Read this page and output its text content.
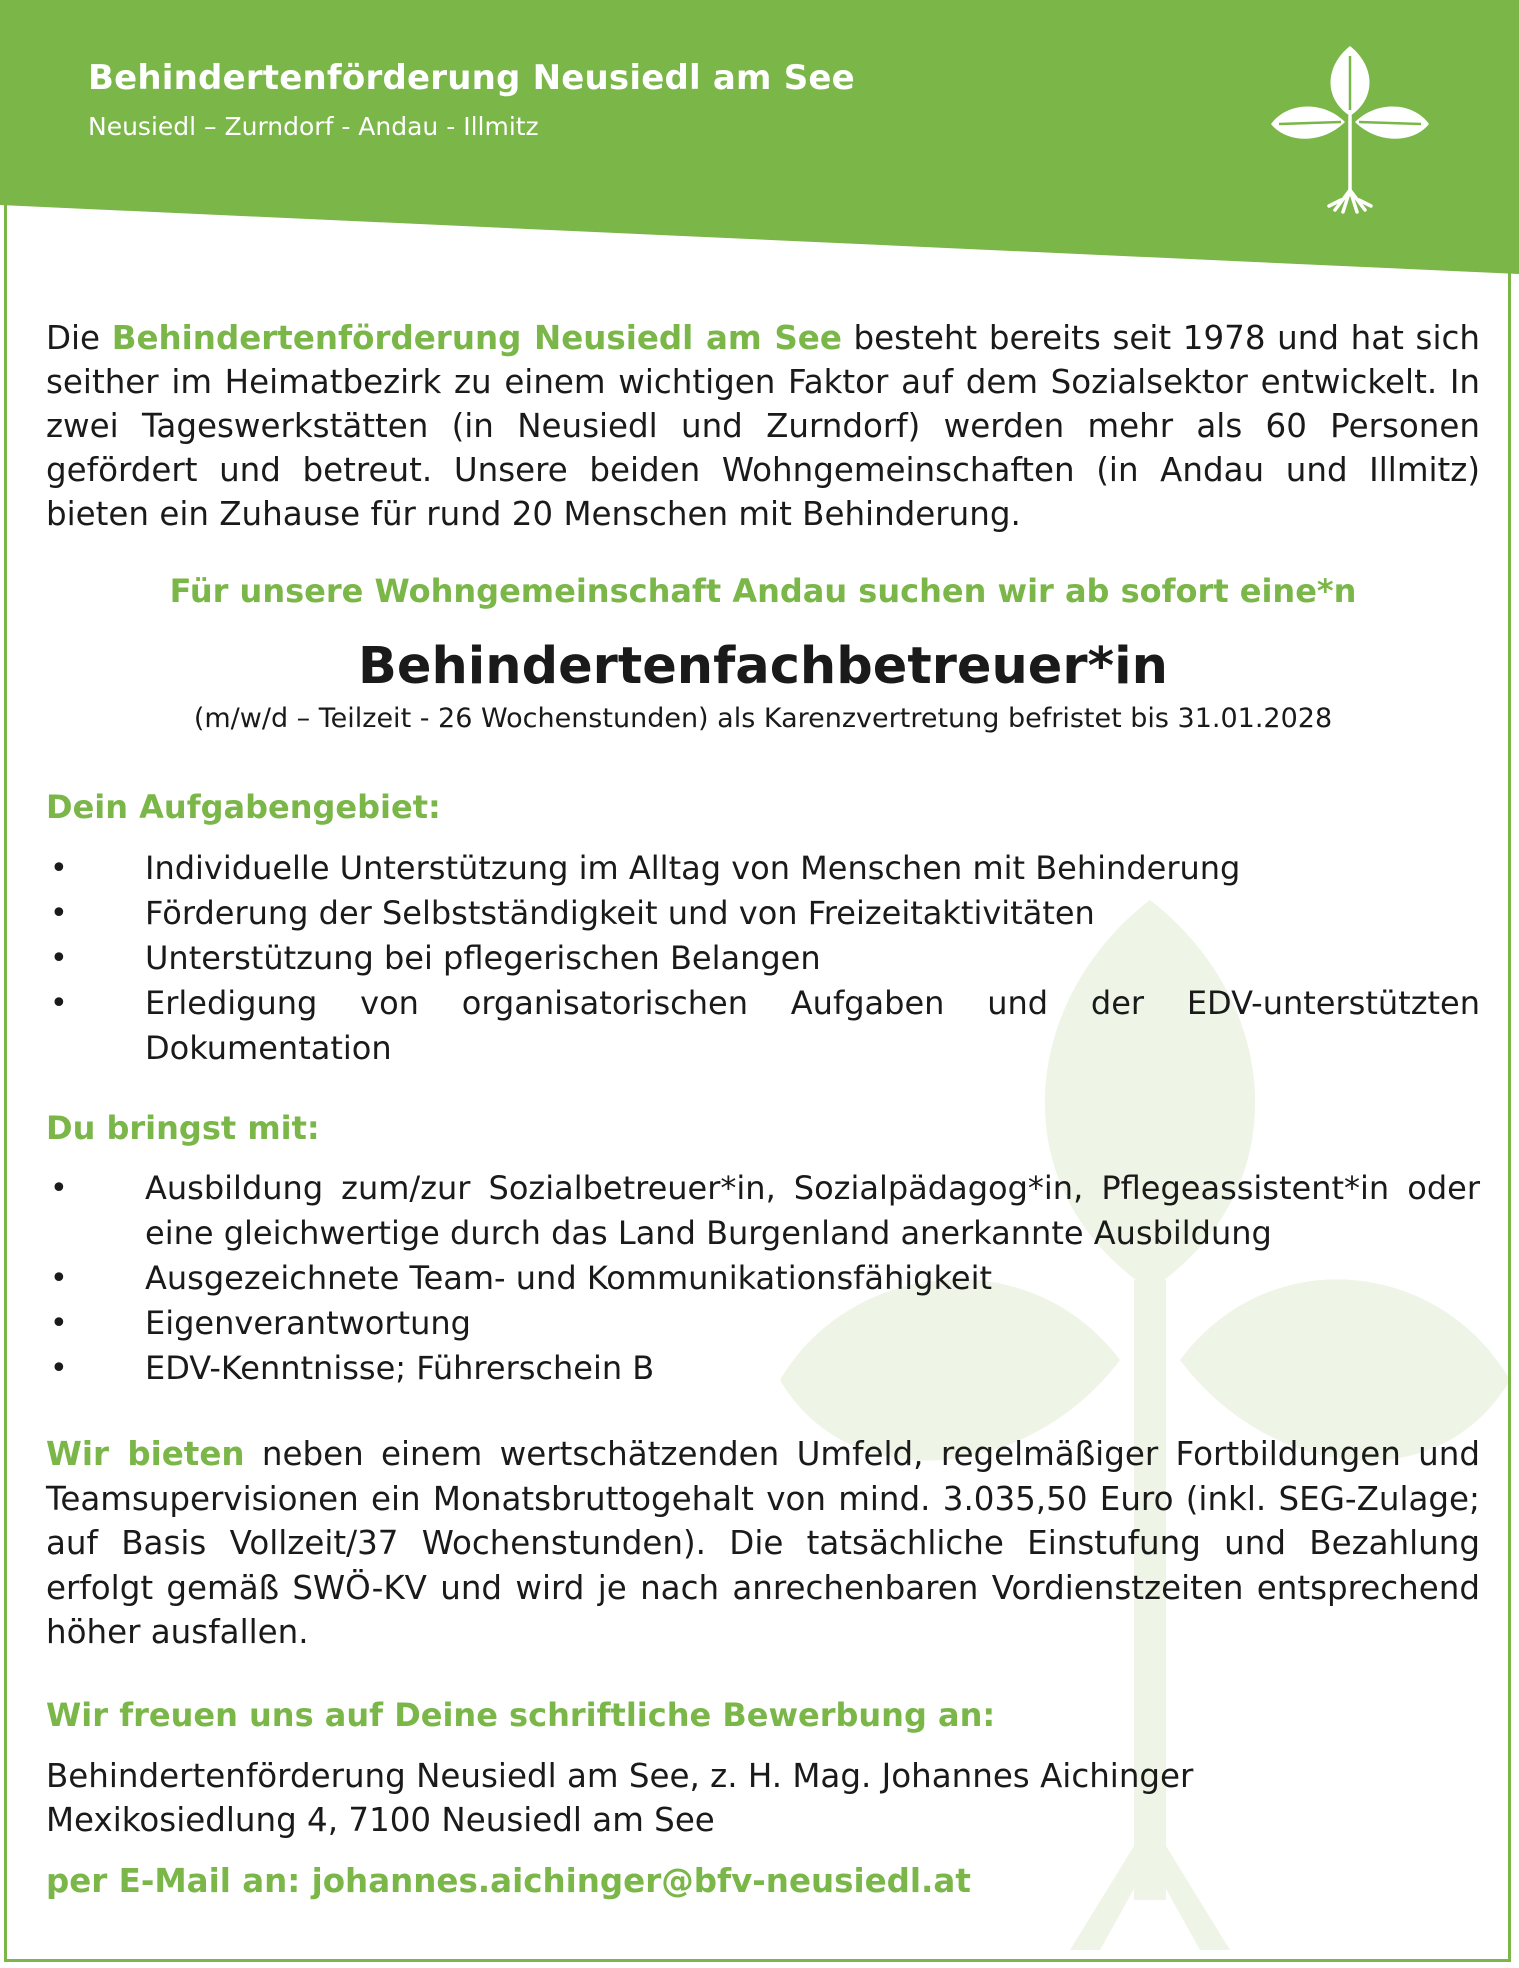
Behindertenförderung Neusiedl am See
Neusiedl – Zurndorf - Andau - Illmitz
Die Behindertenförderung Neusiedl am See besteht bereits seit 1978 und hat sich seither im Heimatbezirk zu einem wichtigen Faktor auf dem Sozialsektor entwickelt. In zwei Tageswerkstätten (in Neusiedl und Zurndorf) werden mehr als 60 Personen gefördert und betreut. Unsere beiden Wohngemeinschaften (in Andau und Illmitz) bieten ein Zuhause für rund 20 Menschen mit Behinderung.
Für unsere Wohngemeinschaft Andau suchen wir ab sofort eine*n
Behindertenfachbetreuer*in
(m/w/d – Teilzeit - 26 Wochenstunden) als Karenzvertretung befristet bis 31.01.2028
Dein Aufgabengebiet:
• Individuelle Unterstützung im Alltag von Menschen mit Behinderung
• Förderung der Selbstständigkeit und von Freizeitaktivitäten
• Unterstützung bei pflegerischen Belangen
• Erledigung von organisatorischen Aufgaben und der EDV-unterstützten Dokumentation
Du bringst mit:
• Ausbildung zum/zur Sozialbetreuer*in, Sozialpädagog*in, Pflegeassistent*in oder eine gleichwertige durch das Land Burgenland anerkannte Ausbildung
• Ausgezeichnete Team- und Kommunikationsfähigkeit
• Eigenverantwortung
• EDV-Kenntnisse; Führerschein B
Wir bieten neben einem wertschätzenden Umfeld, regelmäßiger Fortbildungen und Teamsupervisionen ein Monatsbruttogehalt von mind. 3.035,50 Euro (inkl. SEG-Zulage; auf Basis Vollzeit/37 Wochenstunden). Die tatsächliche Einstufung und Bezahlung erfolgt gemäß SWÖ-KV und wird je nach anrechenbaren Vordienstzeiten entsprechend höher ausfallen.
Wir freuen uns auf Deine schriftliche Bewerbung an:
Behindertenförderung Neusiedl am See, z. H. Mag. Johannes Aichinger
Mexikosiedlung 4, 7100 Neusiedl am See
per E-Mail an: johannes.aichinger@bfv-neusiedl.at
